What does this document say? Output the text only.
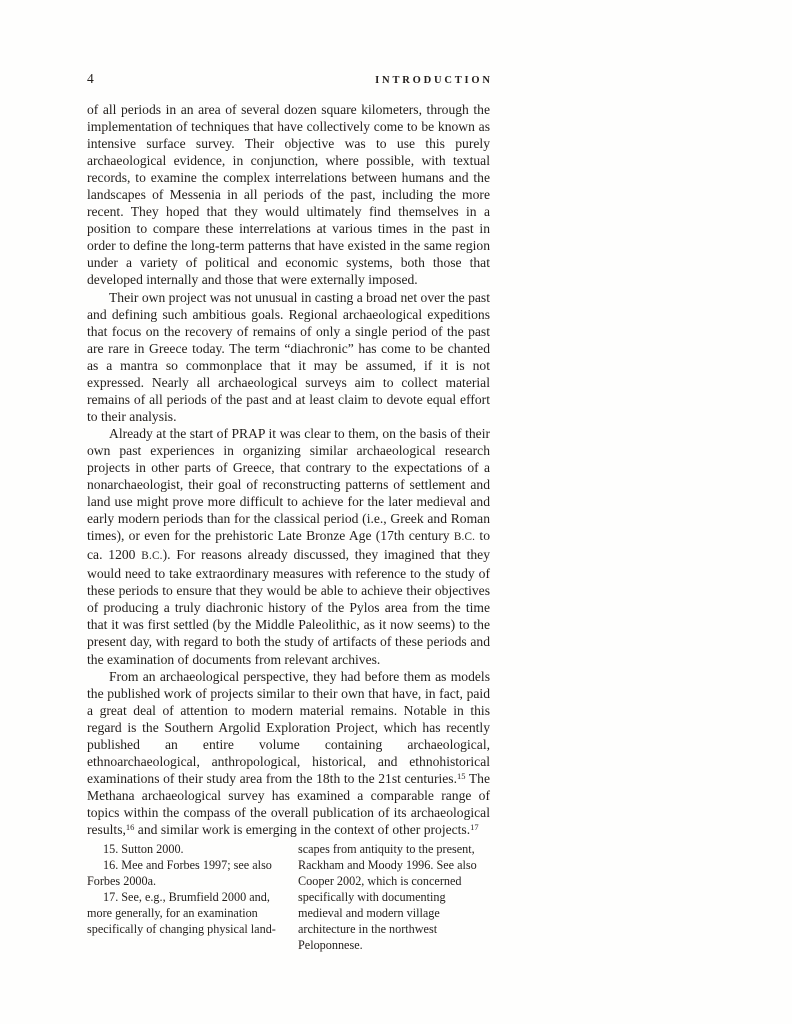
4	INTRODUCTION

of all periods in an area of several dozen square kilometers, through the implementation of techniques that have collectively come to be known as intensive surface survey. Their objective was to use this purely archaeological evidence, in conjunction, where possible, with textual records, to examine the complex interrelations between humans and the landscapes of Messenia in all periods of the past, including the more recent. They hoped that they would ultimately find themselves in a position to compare these interrelations at various times in the past in order to define the long-term patterns that have existed in the same region under a variety of political and economic systems, both those that developed internally and those that were externally imposed.

Their own project was not unusual in casting a broad net over the past and defining such ambitious goals. Regional archaeological expeditions that focus on the recovery of remains of only a single period of the past are rare in Greece today. The term “diachronic” has come to be chanted as a mantra so commonplace that it may be assumed, if it is not expressed. Nearly all archaeological surveys aim to collect material remains of all periods of the past and at least claim to devote equal effort to their analysis.

Already at the start of PRAP it was clear to them, on the basis of their own past experiences in organizing similar archaeological research projects in other parts of Greece, that contrary to the expectations of a nonarchaeologist, their goal of reconstructing patterns of settlement and land use might prove more difficult to achieve for the later medieval and early modern periods than for the classical period (i.e., Greek and Roman times), or even for the prehistoric Late Bronze Age (17th century B.C. to ca. 1200 B.C.). For reasons already discussed, they imagined that they would need to take extraordinary measures with reference to the study of these periods to ensure that they would be able to achieve their objectives of producing a truly diachronic history of the Pylos area from the time that it was first settled (by the Middle Paleolithic, as it now seems) to the present day, with regard to both the study of artifacts of these periods and the examination of documents from relevant archives.

From an archaeological perspective, they had before them as models the published work of projects similar to their own that have, in fact, paid a great deal of attention to modern material remains. Notable in this regard is the Southern Argolid Exploration Project, which has recently published an entire volume containing archaeological, ethnoarchaeological, anthropological, historical, and ethnohistorical examinations of their study area from the 18th to the 21st centuries.$^{15}$ The Methana archaeological survey has examined a comparable range of topics within the compass of the overall publication of its archaeological results,$^{16}$ and similar work is emerging in the context of other projects.$^{17}$

15. Sutton 2000.

16. Mee and Forbes 1997; see also Forbes 2000a.

17. See, e.g., Brumfield 2000 and, more generally, for an examination specifically of changing physical land-

scapes from antiquity to the present, Rackham and Moody 1996. See also Cooper 2002, which is concerned specifically with documenting medieval and modern village architecture in the northwest Peloponnese.
